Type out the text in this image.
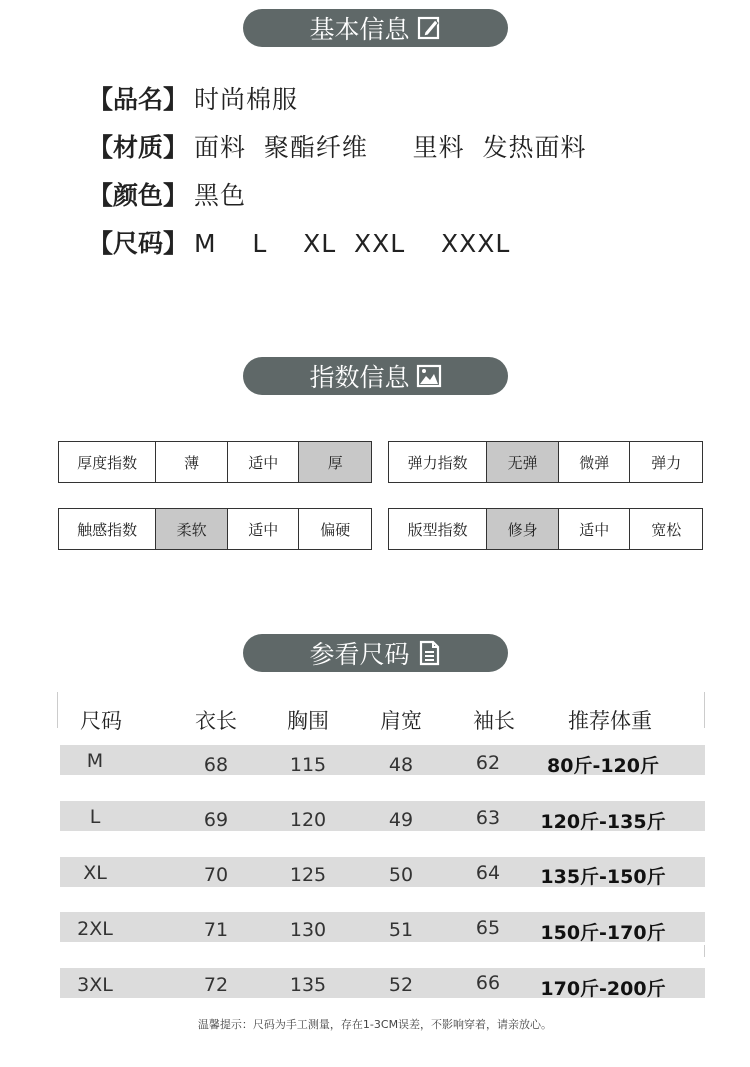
基本信息
【品名】 时尚棉服
【材质】 面料  聚酯纤维     里料  发热面料
【颜色】 黑色
【尺码】 M    L    XL  XXL    XXXL
指数信息
厚度指数	薄	适中	厚	弹力指数	无弹	微弹	弹力
触感指数	柔软	适中	偏硬	版型指数	修身	适中	宽松
参看尺码
尺码	衣长 胸围 肩宽 袖长	推荐体重
M	68	115	48	62 80斤-120斤
L	69	120	49	63 120斤-135斤
XL	70	125	50	64 135斤-150斤
2XL	71	130	51	65 150斤-170斤
3XL	72	135	52	66 170斤-200斤
温馨提示：尺码为手工测量，存在1-3CM误差，不影响穿着，请亲放心。
